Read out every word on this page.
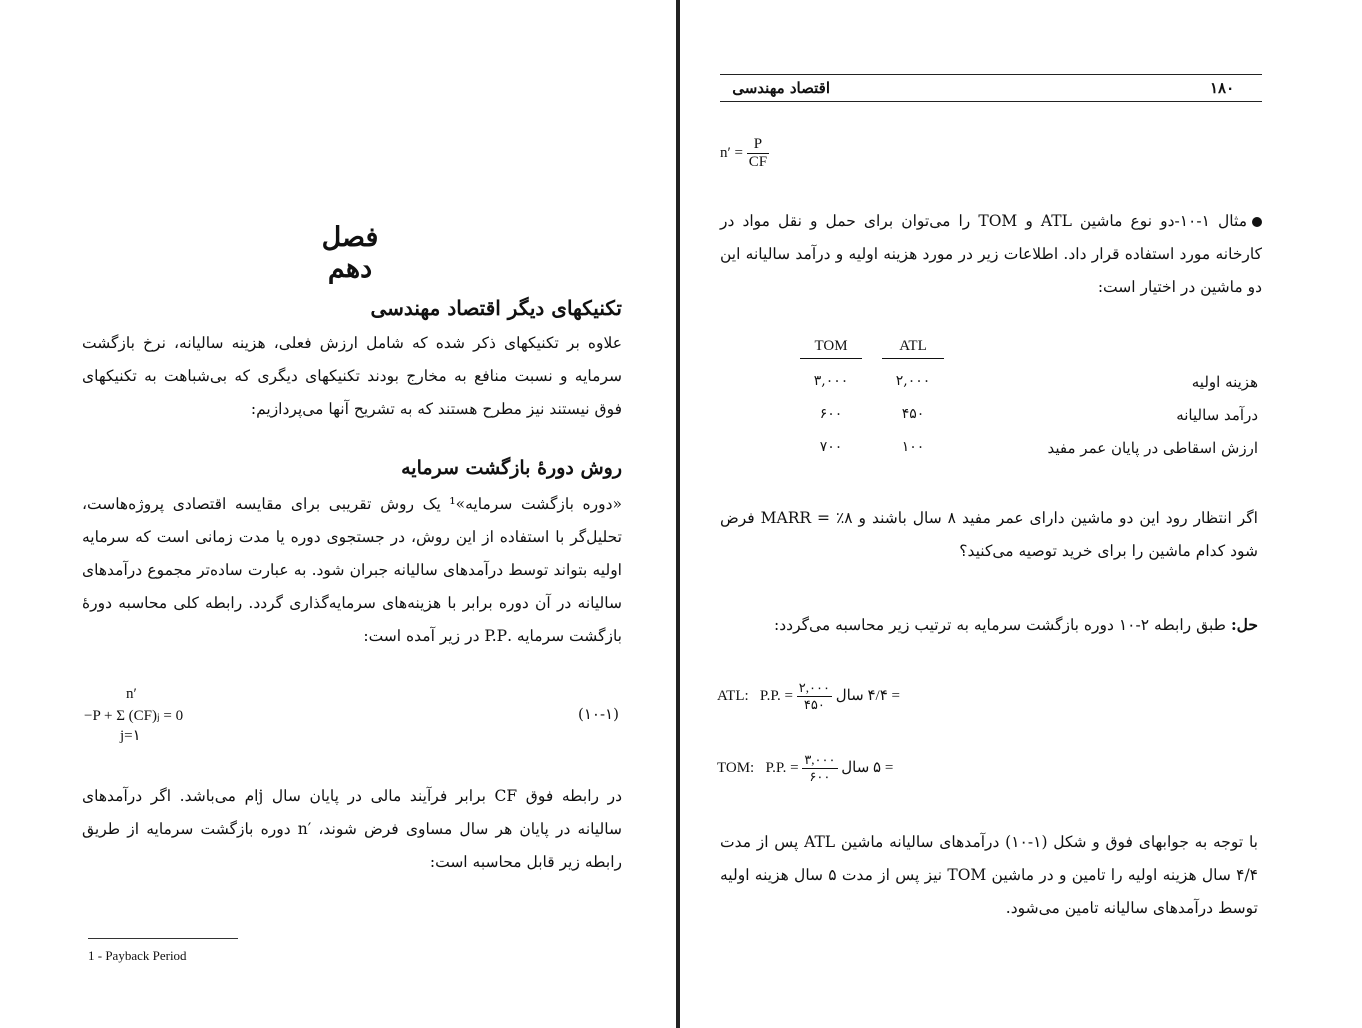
فصل دهم
تکنیکهای دیگر اقتصاد مهندسی
علاوه بر تکنیکهای ذکر شده که شامل ارزش فعلی، هزینه سالیانه، نرخ بازگشت سرمایه و نسبت منافع به مخارج بودند تکنیکهای دیگری که بی‌شباهت به تکنیکهای فوق نیستند نیز مطرح هستند که به تشریح آنها می‌پردازیم:
روش دورهٔ بازگشت سرمایه
«دوره بازگشت سرمایه»¹ یک روش تقریبی برای مقایسه اقتصادی پروژه‌هاست، تحلیل‌گر با استفاده از این روش، در جستجوی دوره یا مدت زمانی است که سرمایه اولیه بتواند توسط درآمدهای سالیانه جبران شود. به عبارت ساده‌تر مجموع درآمدهای سالیانه در آن دوره برابر با هزینه‌های سرمایه‌گذاری گردد. رابطه کلی محاسبه دورهٔ بازگشت سرمایه .P.P در زیر آمده است:
n′
−P + Σ (CF)ⱼ = 0
j=۱
(۱۰-۱)
در رابطه فوق CF برابر فرآیند مالی در پایان سال j‌ام می‌باشد. اگر درآمدهای سالیانه در پایان هر سال مساوی فرض شوند، ′n دوره بازگشت سرمایه از طریق رابطه زیر قابل محاسبه است:
1 - Payback Period
۱۸۰
اقتصاد مهندسی
$n' = \frac{P}{CF}$
مثال ۱-۱۰-دو نوع ماشین ATL و TOM را می‌توان برای حمل و نقل مواد در کارخانه مورد استفاده قرار داد. اطلاعات زیر در مورد هزینه اولیه و درآمد سالیانه این دو ماشین در اختیار است:
TOM	ATL
۳,۰۰۰	۲,۰۰۰	هزینه اولیه
۶۰۰	۴۵۰	درآمد سالیانه
۷۰۰	۱۰۰	ارزش اسقاطی در پایان عمر مفید
اگر انتظار رود این دو ماشین دارای عمر مفید ۸ سال باشند و MARR = ٪۸ فرض شود کدام ماشین را برای خرید توصیه می‌کنید؟
حل: طبق رابطه ۲-۱۰ دوره بازگشت سرمایه به ترتیب زیر محاسبه می‌گردد:
ATL: P.P. = $\frac{۲,۰۰۰}{۴۵۰}$ = ۴/۴ سال
TOM: P.P. = $\frac{۳,۰۰۰}{۶۰۰}$ = ۵ سال
با توجه به جوابهای فوق و شکل (۱-۱۰) درآمدهای سالیانه ماشین ATL پس از مدت ۴/۴ سال هزینه اولیه را تامین و در ماشین TOM نیز پس از مدت ۵ سال هزینه اولیه توسط درآمدهای سالیانه تامین می‌شود.
